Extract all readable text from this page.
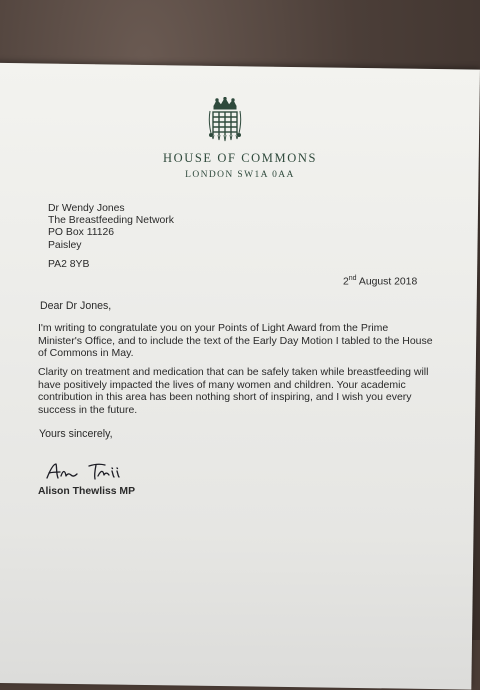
HOUSE OF COMMONS
LONDON SW1A 0AA
Dr Wendy Jones
The Breastfeeding Network
PO Box 11126
Paisley
PA2 8YB
2nd August 2018
Dear Dr Jones,
I'm writing to congratulate you on your Points of Light Award from the Prime
Minister's Office, and to include the text of the Early Day Motion I tabled to the House
of Commons in May.
Clarity on treatment and medication that can be safely taken while breastfeeding will
have positively impacted the lives of many women and children. Your academic
contribution in this area has been nothing short of inspiring, and I wish you every
success in the future.
Yours sincerely,
Alison Thewliss MP
